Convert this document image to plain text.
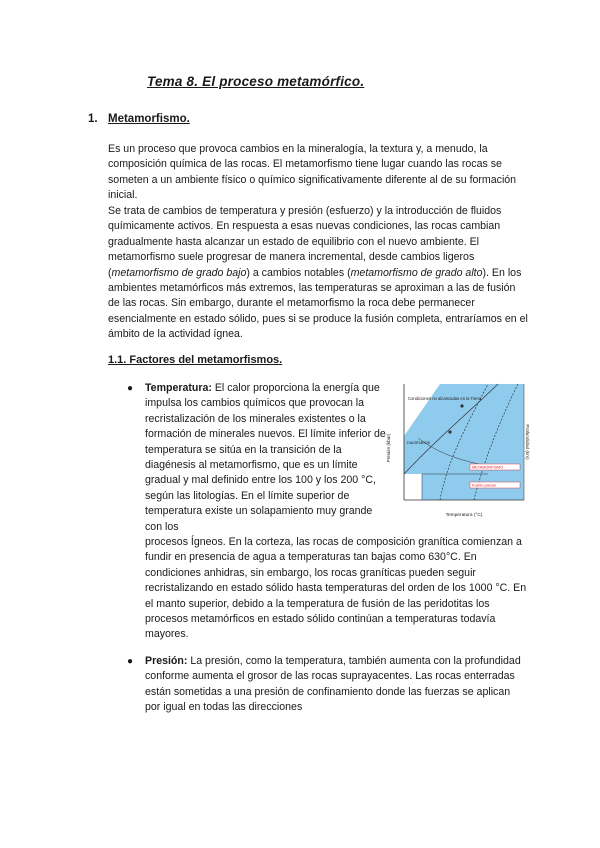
Tema 8. El proceso metamórfico.
1. Metamorfismo.

Es un proceso que provoca cambios en la mineralogía, la textura y, a menudo, la composición química de las rocas. El metamorfismo tiene lugar cuando las rocas se someten a un ambiente físico o químico significativamente diferente al de su formación inicial.

Se trata de cambios de temperatura y presión (esfuerzo) y la introducción de fluidos químicamente activos. En respuesta a esas nuevas condiciones, las rocas cambian gradualmente hasta alcanzar un estado de equilibrio con el nuevo ambiente. El metamorfismo suele progresar de manera incremental, desde cambios ligeros (metamorfismo de grado bajo) a cambios notables (metamorfismo de grado alto). En los ambientes metamórficos más extremos, las temperaturas se aproximan a las de fusión de las rocas. Sin embargo, durante el metamorfismo la roca debe permanecer esencialmente en estado sólido, pues si se produce la fusión completa, entraríamos en el ámbito de la actividad ígnea.

1.1. Factores del metamorfismos.
● Temperatura: El calor proporciona la energía que impulsa los cambios químicos que provocan la recristalización de los minerales existentes o la formación de minerales nuevos. El límite inferior de temperatura se sitúa en la transición de la diagénesis al metamorfismo, que es un límite gradual y mal definido entre los 100 y los 200 °C, según las litologías. En el límite superior de temperatura existe un solapamiento muy grande con los

procesos Ígneos. En la corteza, las rocas de composición granítica comienzan a fundir en presencia de agua a temperaturas tan bajas como 630°C. En condiciones anhidras, sin embargo, los rocas graníticas pueden seguir recristalizando en estado sólido hasta temperaturas del orden de los 1000 °C. En el manto superior, debido a la temperatura de fusión de las peridotitas los procesos metamórficos en estado sólido continúan a temperaturas todavía mayores.

Condiciones no alcanzadas en la Tierra
DIAGÉNESIS
METAMORFISMO
Fusión parcial
Presión (kbar)	Profundidad (km)
Temperatura (°C)
● Presión: La presión, como la temperatura, también aumenta con la profundidad conforme aumenta el grosor de las rocas suprayacentes. Las rocas enterradas están sometidas a una presión de confinamiento donde las fuerzas se aplican por igual en todas las direcciones
